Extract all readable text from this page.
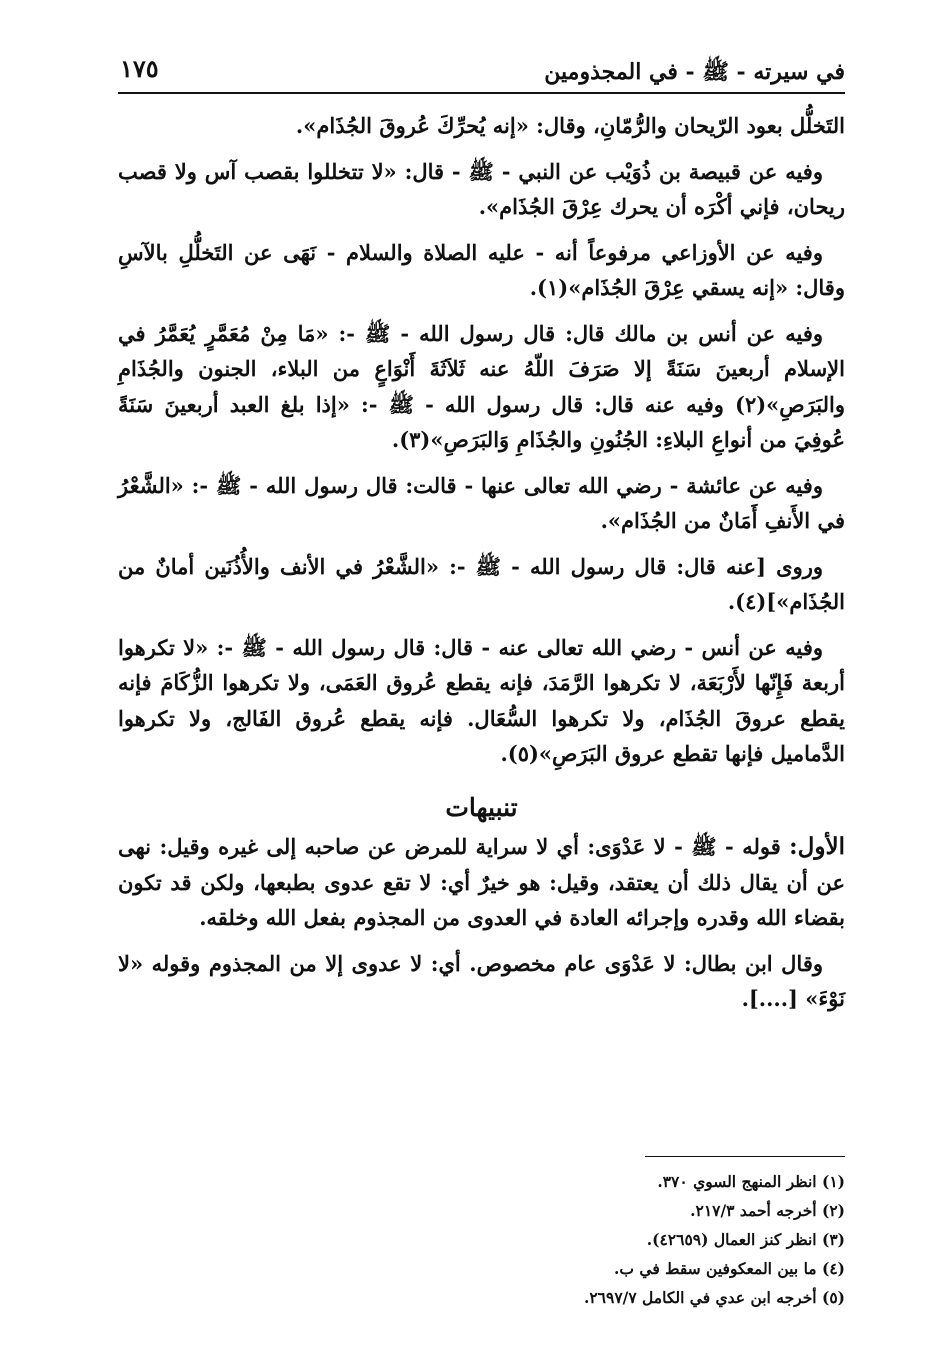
في سيرته - ﷺ - في المجذومين
١٧٥

التَخلُّل بعود الرّيحان والرُّمّانِ، وقال: «إنه يُحرِّكَ عُروقَ الجُذَام».

وفيه عن قبيصة بن ذُوَيْب عن النبي - ﷺ - قال: «لا تتخللوا بقصب آس ولا قصب ريحان، فإني أكْرَه أن يحرك عِرْقَ الجُذَام».

وفيه عن الأوزاعي مرفوعاً أنه - عليه الصلاة والسلام - نَهَى عن التَخلُّلِ بالآسِ وقال: «إنه يسقي عِرْقَ الجُذَام»(١).

وفيه عن أنس بن مالك قال: قال رسول الله - ﷺ -: «مَا مِنْ مُعَمَّرٍ يُعَمَّرُ في الإسلام أربعينَ سَنَةً إلا صَرَفَ اللّهُ عنه ثَلاَثَةَ أَنْوَاعٍ من البلاء، الجنون والجُذَامِ والبَرَصِ»(٢) وفيه عنه قال: قال رسول الله - ﷺ -: «إذا بلغ العبد أربعينَ سَنَةً عُوفِيَ من أنواعِ البلاءِ: الجُنُونِ والجُذَامِ وَالبَرَصِ»(٣).

وفيه عن عائشة - رضي الله تعالى عنها - قالت: قال رسول الله - ﷺ -: «الشَّعْرُ في الأَنفِ أَمَانٌ من الجُذَام».

وروى [عنه قال: قال رسول الله - ﷺ -: «الشَّعْرُ في الأنف والأُذُنَين أمانٌ من الجُذَام»](٤).

وفيه عن أنس - رضي الله تعالى عنه - قال: قال رسول الله - ﷺ -: «لا تكرهوا أربعة فَإِنّها لأَرْبَعَة، لا تكرهوا الرَّمَدَ، فإنه يقطع عُروق العَمَى، ولا تكرهوا الزُّكَامَ فإنه يقطع عروقَ الجُذَام، ولا تكرهوا السُّعَال. فإنه يقطع عُروق الفَالج، ولا تكرهوا الدَّماميل فإنها تقطع عروق البَرَصِ»(٥).

تنبيهات

الأول: قوله - ﷺ - لا عَدْوَى: أي لا سراية للمرض عن صاحبه إلى غيره وقيل: نهى عن أن يقال ذلك أن يعتقد، وقيل: هو خيرٌ أي: لا تقع عدوى بطبعها، ولكن قد تكون بقضاء الله وقدره وإجرائه العادة في العدوى من المجذوم بفعل الله وخلقه.

وقال ابن بطال: لا عَدْوَى عام مخصوص. أي: لا عدوى إلا من المجذوم وقوله «لا نَوْءَ» [....].

(١) انظر المنهج السوي ٣٧٠.
(٢) أخرجه أحمد ٢١٧/٣.
(٣) انظر كنز العمال (٤٢٦٥٩).
(٤) ما بين المعكوفين سقط في ب.
(٥) أخرجه ابن عدي في الكامل ٢٦٩٧/٧.
